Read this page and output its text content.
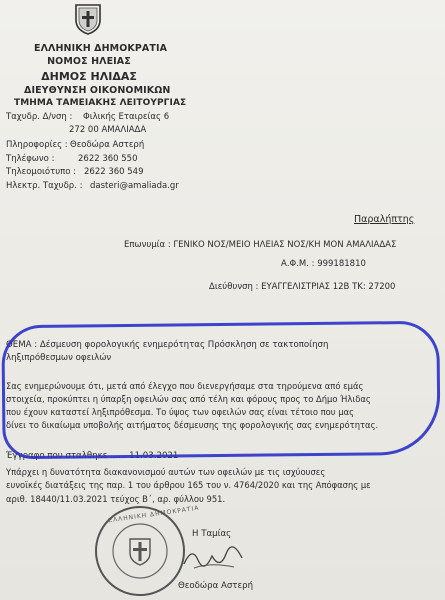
ΕΛΛΗΝΙΚΗ ΔΗΜΟΚΡΑΤΙΑ
ΝΟΜΟΣ ΗΛΕΙΑΣ
ΔΗΜΟΣ ΗΛΙΔΑΣ
ΔΙΕΥΘΥΝΣΗ ΟΙΚΟΝΟΜΙΚΩΝ
ΤΜΗΜΑ ΤΑΜΕΙΑΚΗΣ ΛΕΙΤΟΥΡΓΙΑΣ
Ταχυδρ. Δ/νση : Φιλικής Εταιρείας 6
272 00 ΑΜΑΛΙΑΔΑ
Πληροφορίες : Θεοδώρα Αστερή
Τηλέφωνο :	2622 360 550
Τηλεομοιότυπο : 2622 360 549
Ηλεκτρ. Ταχυδρ. : dasteri@amaliada.gr
Παραλήπτης
Επωνυμία : ΓΕΝΙΚΟ ΝΟΣ/ΜΕΙΟ ΗΛΕΙΑΣ ΝΟΣ/ΚΗ ΜΟΝ ΑΜΑΛΙΑΔΑΣ
Α.Φ.Μ. : 999181810
Διεύθυνση : ΕΥΑΓΓΕΛΙΣΤΡΙΑΣ 12Β ΤΚ: 27200
ΘΕΜΑ : Δέσμευση φορολογικής ενημερότητας Πρόσκληση σε τακτοποίηση
ληξιπρόθεσμων οφειλών
Σας ενημερώνουμε ότι, μετά από έλεγχο που διενεργήσαμε στα τηρούμενα από εμάς
στοιχεία, προκύπτει η ύπαρξη οφειλών σας από τέλη και φόρους προς το Δήμο Ήλιδας
που έχουν καταστεί ληξιπρόθεσμα. Το ύψος των οφειλών σας είναι τέτοιο που μας
δίνει το δικαίωμα υποβολής αιτήματος δέσμευσης της φορολογικής σας ενημερότητας.
Έγγραφο που σταλθηκε ...... 11.03.2021
Υπάρχει η δυνατότητα διακανονισμού αυτών των οφειλών με τις ισχύουσες
ευνοϊκές διατάξεις της παρ. 1 του άρθρου 165 του ν. 4764/2020 και της Απόφασης με
αριθ. 18440/11.03.2021 τεύχος Β΄, αρ. φύλλου 951.
ΕΛΛΗΝΙΚΗ ΔΗΜΟΚΡΑΤΙΑ
Η Ταμίας
Θεοδώρα Αστερή
